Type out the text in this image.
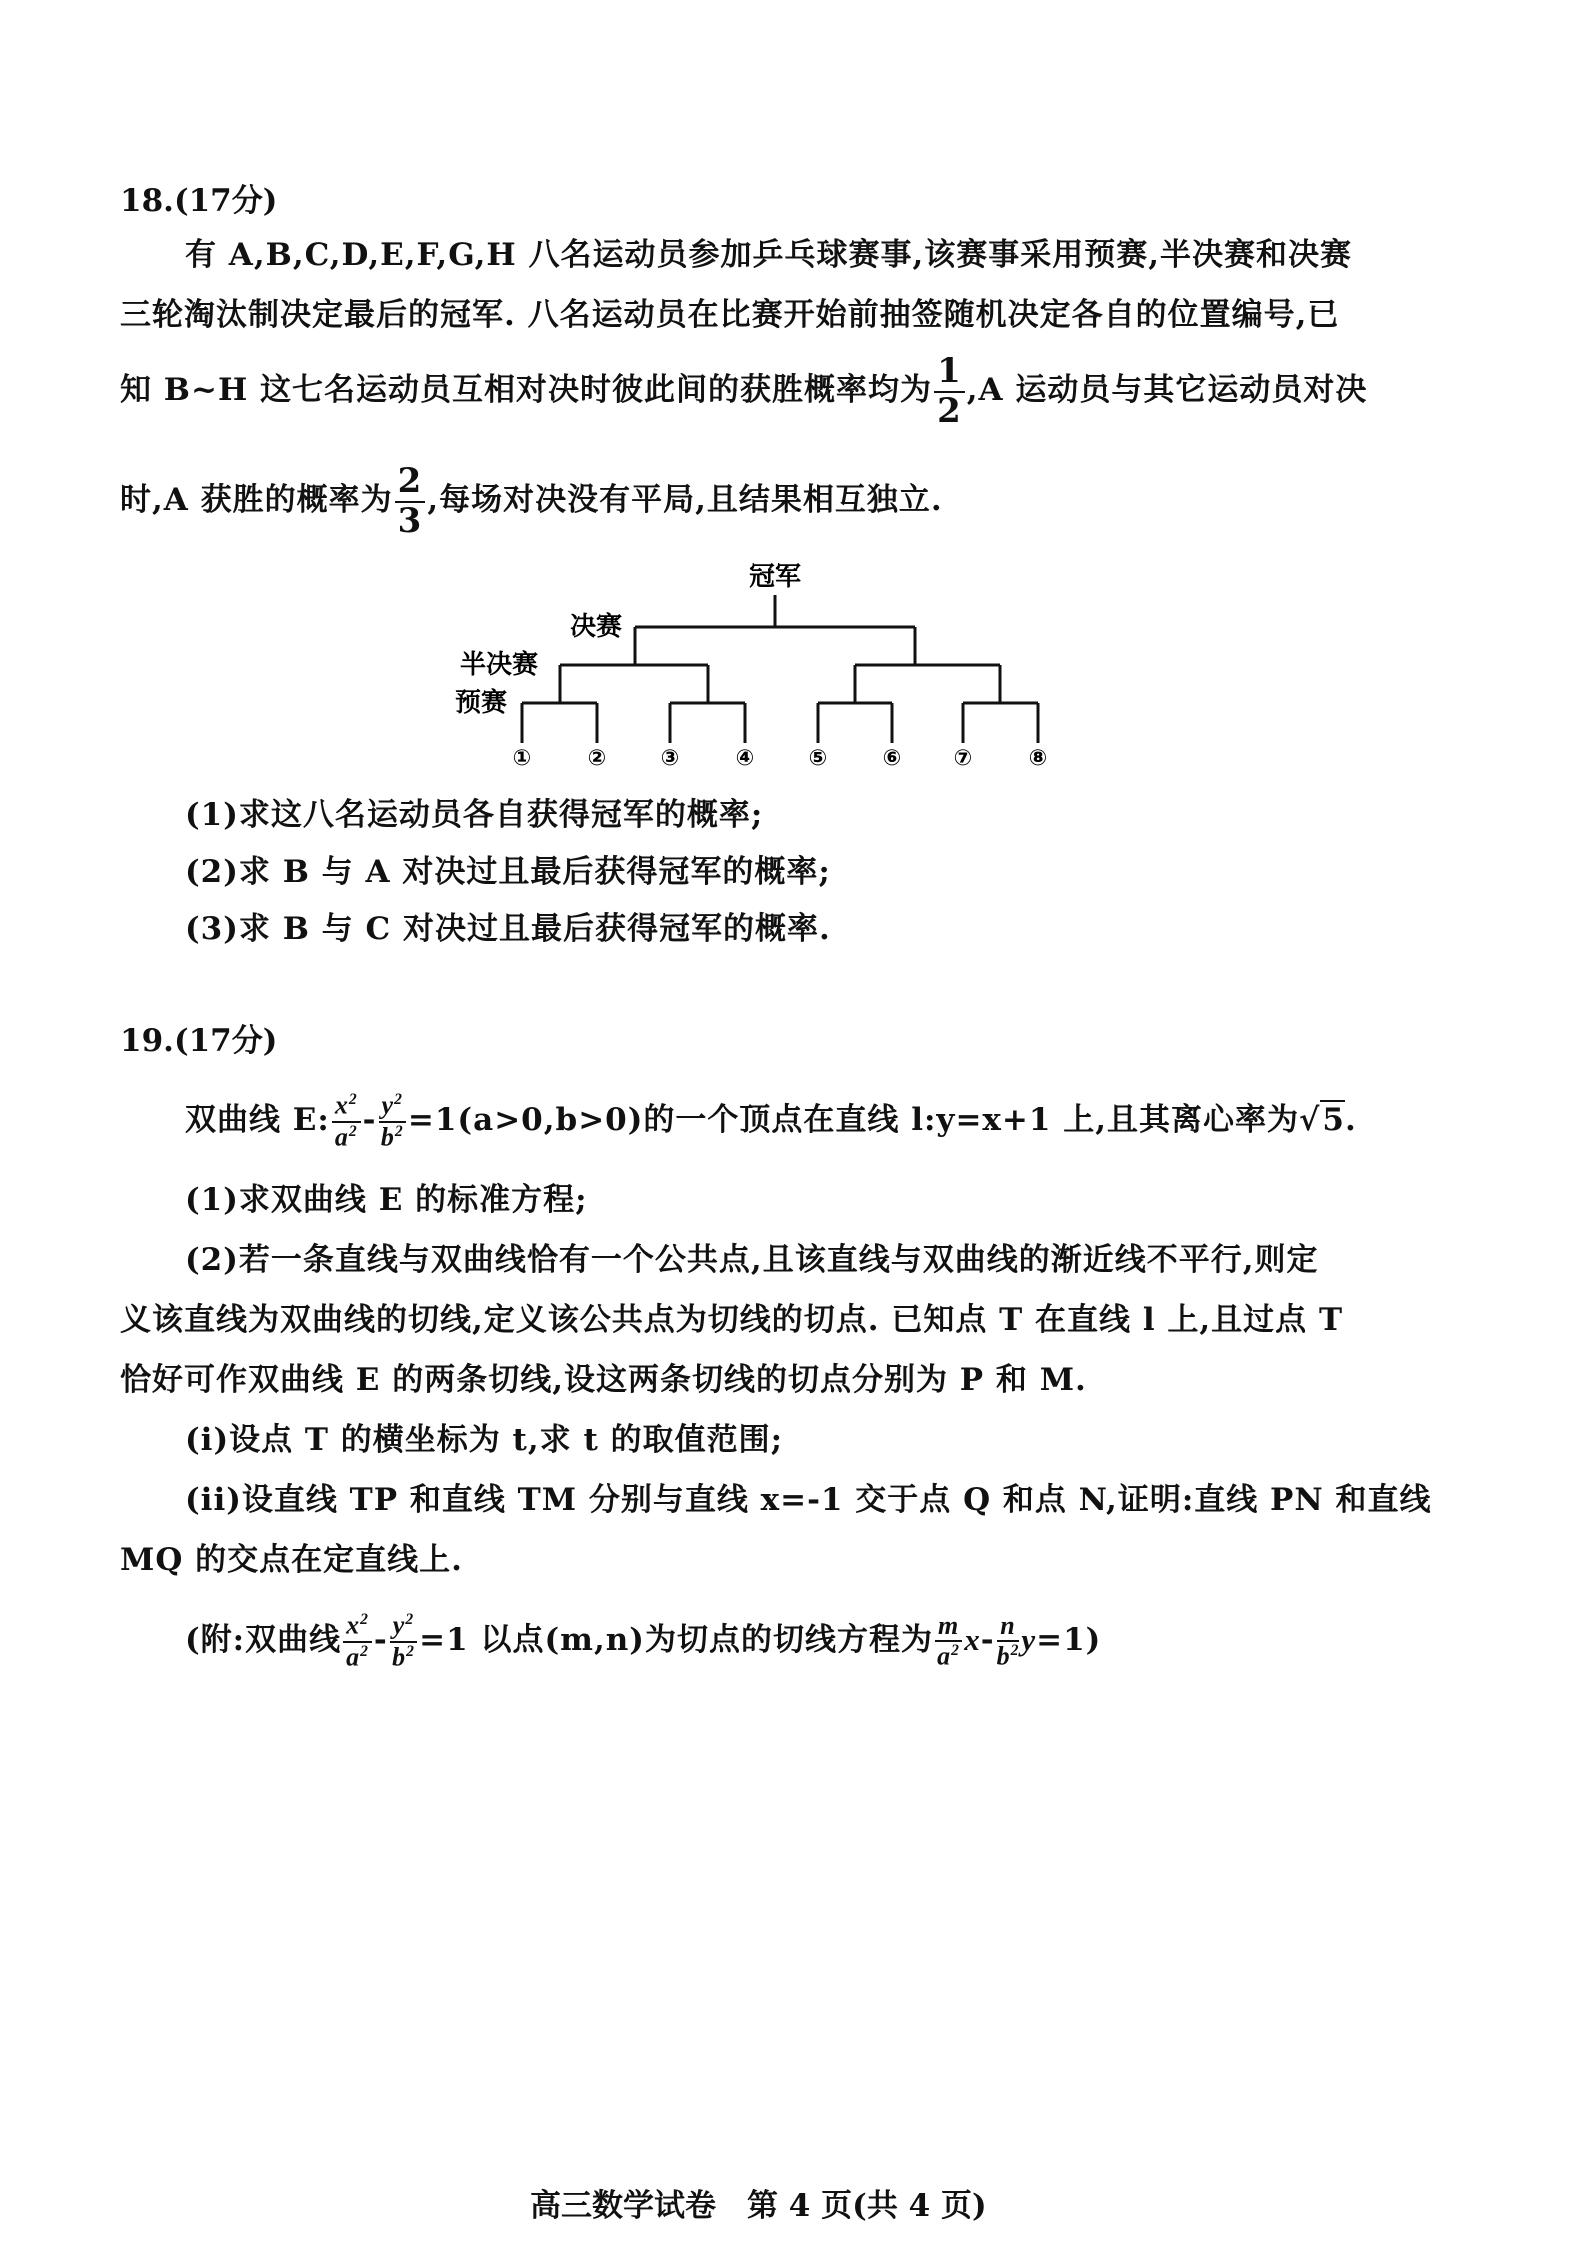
18.(17分)
有 A,B,C,D,E,F,G,H 八名运动员参加乒乓球赛事,该赛事采用预赛,半决赛和决赛
三轮淘汰制决定最后的冠军. 八名运动员在比赛开始前抽签随机决定各自的位置编号,已
知 B~H 这七名运动员互相对决时彼此间的获胜概率均为 $\frac{1}{2} ,A$ 运动员与其它运动员对决
时,A 获胜的概率为 $\frac{2}{3}$ ,每场对决没有平局,且结果相互独立.
冠军
决赛
半决赛
预赛
①	② ③	④ ⑤	⑥ ⑦	⑧
(1)求这八名运动员各自获得冠军的概率;
(2)求 B 与 A 对决过且最后获得冠军的概率;
(3)求 B 与 C 对决过且最后获得冠军的概率.
19.(17分)
双曲线 E: $\frac{x^2}{a^2} - \frac{y^2}{b^2} =1(a>0,b>0)$的一个顶点在直线 l:y=x+1 上,且其离心率为√5.
(1)求双曲线 E 的标准方程;
(2)若一条直线与双曲线恰有一个公共点,且该直线与双曲线的渐近线不平行,则定
义该直线为双曲线的切线,定义该公共点为切线的切点. 已知点 T 在直线 l 上,且过点 T
恰好可作双曲线 E 的两条切线,设这两条切线的切点分别为 P 和 M.
(i)设点 T 的横坐标为 t,求 t 的取值范围;
(ii)设直线 TP 和直线 TM 分别与直线 x=-1 交于点 Q 和点 N,证明:直线 PN 和直线
MQ 的交点在定直线上.
(附:双曲线 $\frac{x^2}{a^2} - \frac{y^2}{b^2} =1$ 以点(m,n)为切点的切线方程为 $\frac{m}{a^2} x- \frac{n}{b^2} y=1$)
高三数学试卷　第 4 页(共 4 页)
